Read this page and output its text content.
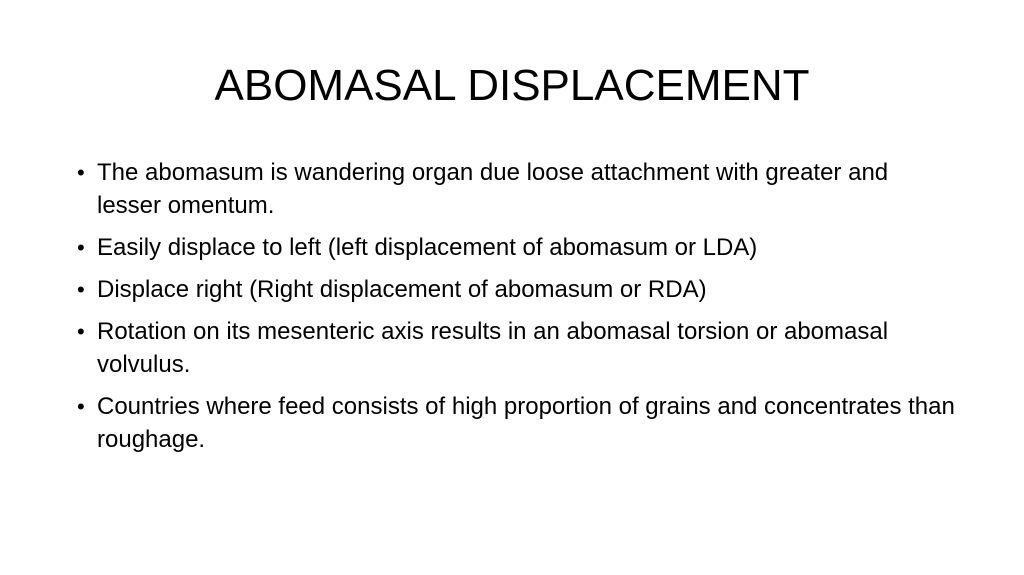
ABOMASAL DISPLACEMENT
• The abomasum is wandering organ due loose attachment with greater and lesser omentum.
• Easily displace to left (left displacement of abomasum or LDA)
• Displace right (Right displacement of abomasum or RDA)
• Rotation on its mesenteric axis results in an abomasal torsion or abomasal volvulus.
• Countries where feed consists of high proportion of grains and concentrates than roughage.
